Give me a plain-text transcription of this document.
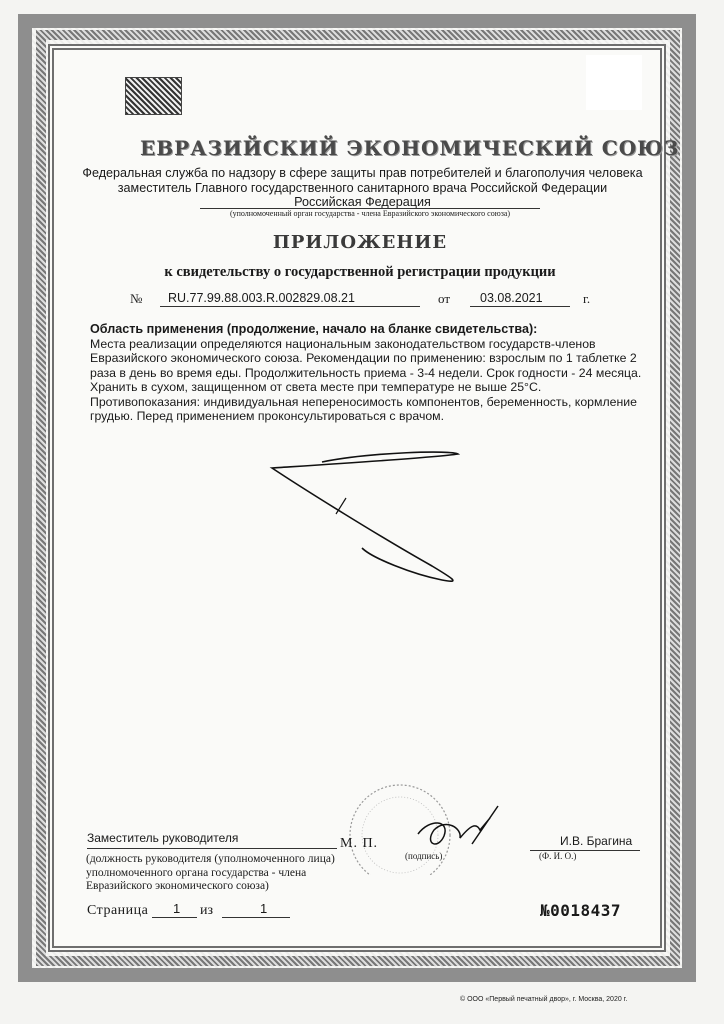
ЕВРАЗИЙСКИЙ ЭКОНОМИЧЕСКИЙ СОЮЗ
Федеральная служба по надзору в сфере защиты прав потребителей и благополучия человека
заместитель Главного государственного санитарного врача Российской Федерации
Российская Федерация
(уполномоченный орган государства - члена Евразийского экономического союза)
ПРИЛОЖЕНИЕ
к свидетельству о государственной регистрации продукции
№ RU.77.99.88.003.R.002829.08.21	от 03.08.2021	г.
Область применения (продолжение, начало на бланке свидетельства):
Места реализации определяются национальным законодательством государств-членов Евразийского экономического союза. Рекомендации по применению: взрослым по 1 таблетке 2 раза в день во время еды. Продолжительность приема - 3-4 недели. Срок годности - 24 месяца. Хранить в сухом, защищенном от света месте при температуре не выше 25°С. Противопоказания: индивидуальная непереносимость компонентов, беременность, кормление грудью. Перед применением проконсультироваться с врачом.
Заместитель руководителя	М. П.	И.В. Брагина
(должность руководителя (уполномоченного лица) уполномоченного органа государства - члена Евразийского экономического союза)
(подпись)	(Ф. И. О.)
Страница 1 из	1	№0018437
© ООО «Первый печатный двор», г. Москва, 2020 г.
